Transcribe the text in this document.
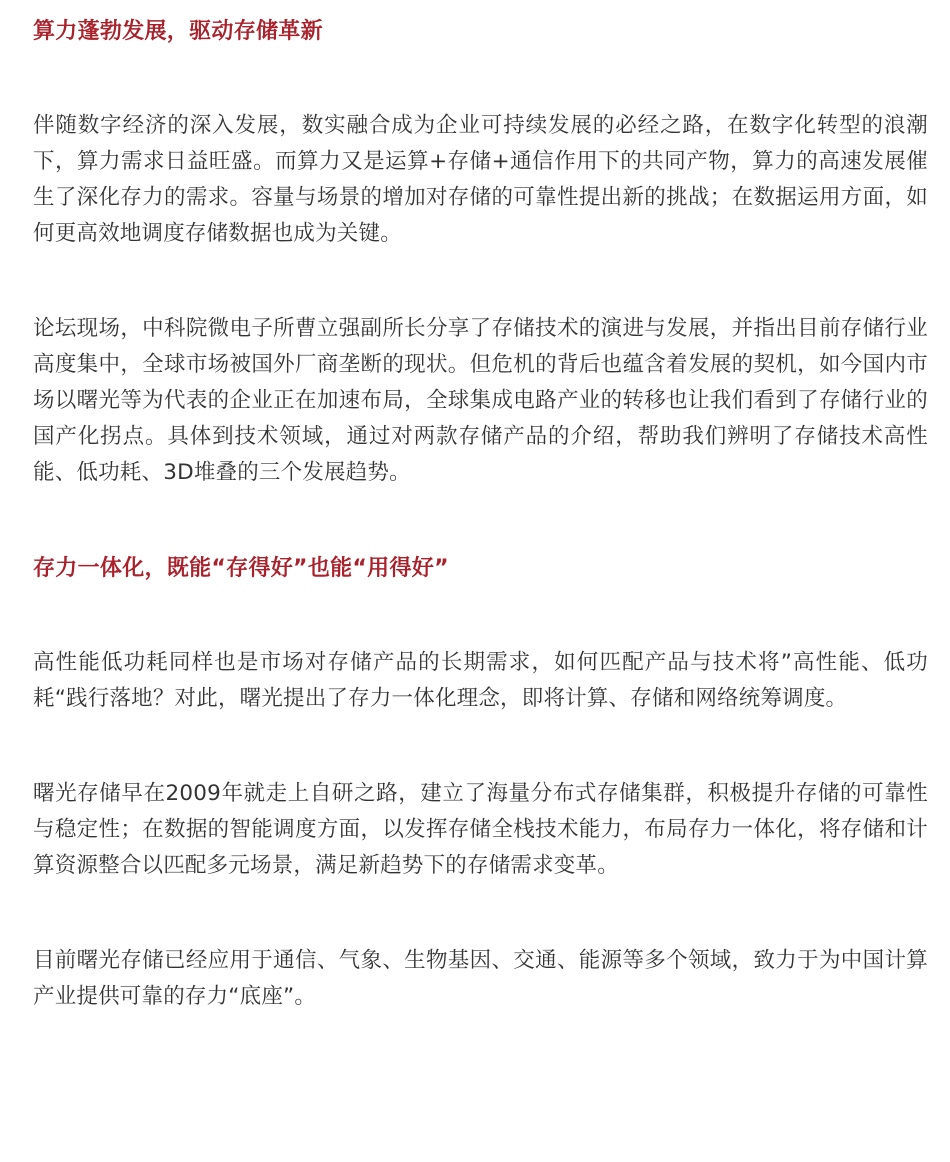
算力蓬勃发展，驱动存储革新

伴随数字经济的深入发展，数实融合成为企业可持续发展的必经之路，在数字化转型的浪潮下，算力需求日益旺盛。而算力又是运算+存储+通信作用下的共同产物，算力的高速发展催生了深化存力的需求。容量与场景的增加对存储的可靠性提出新的挑战；在数据运用方面，如何更高效地调度存储数据也成为关键。

论坛现场，中科院微电子所曹立强副所长分享了存储技术的演进与发展，并指出目前存储行业高度集中，全球市场被国外厂商垄断的现状。但危机的背后也蕴含着发展的契机，如今国内市场以曙光等为代表的企业正在加速布局，全球集成电路产业的转移也让我们看到了存储行业的国产化拐点。具体到技术领域，通过对两款存储产品的介绍，帮助我们辨明了存储技术高性能、低功耗、3D堆叠的三个发展趋势。

存力一体化，既能“存得好”也能“用得好”

高性能低功耗同样也是市场对存储产品的长期需求，如何匹配产品与技术将”高性能、低功耗“践行落地？对此，曙光提出了存力一体化理念，即将计算、存储和网络统筹调度。

曙光存储早在2009年就走上自研之路，建立了海量分布式存储集群，积极提升存储的可靠性与稳定性；在数据的智能调度方面，以发挥存储全栈技术能力，布局存力一体化，将存储和计算资源整合以匹配多元场景，满足新趋势下的存储需求变革。

目前曙光存储已经应用于通信、气象、生物基因、交通、能源等多个领域，致力于为中国计算产业提供可靠的存力“底座”。
